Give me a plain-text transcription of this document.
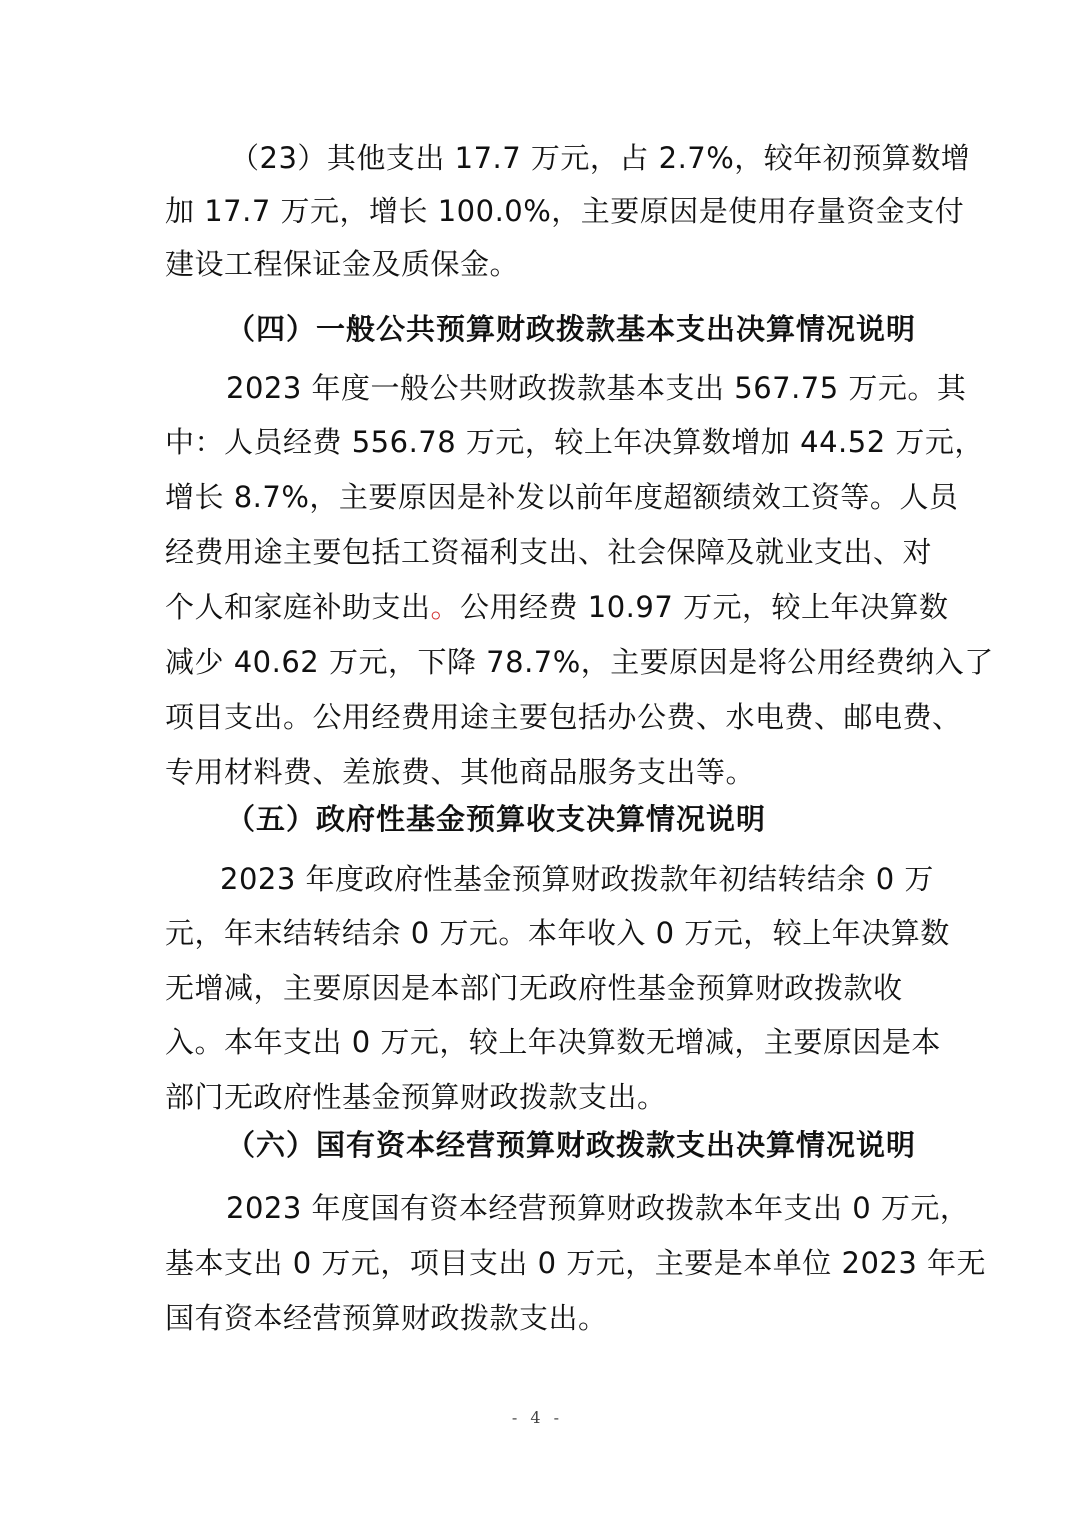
（23）其他支出 17.7 万元，占 2.7%，较年初预算数增
加 17.7 万元，增长 100.0%，主要原因是使用存量资金支付
建设工程保证金及质保金。
（四）一般公共预算财政拨款基本支出决算情况说明
2023 年度一般公共财政拨款基本支出 567.75 万元。其
中：人员经费 556.78 万元，较上年决算数增加 44.52 万元，
增长 8.7%，主要原因是补发以前年度超额绩效工资等。人员
经费用途主要包括工资福利支出、社会保障及就业支出、对
个人和家庭补助支出。公用经费 10.97 万元，较上年决算数
减少 40.62 万元，下降 78.7%，主要原因是将公用经费纳入了
项目支出。公用经费用途主要包括办公费、水电费、邮电费、
专用材料费、差旅费、其他商品服务支出等。
（五）政府性基金预算收支决算情况说明
2023 年度政府性基金预算财政拨款年初结转结余 0 万
元，年末结转结余 0 万元。本年收入 0 万元，较上年决算数
无增减，主要原因是本部门无政府性基金预算财政拨款收
入。本年支出 0 万元，较上年决算数无增减，主要原因是本
部门无政府性基金预算财政拨款支出。
（六）国有资本经营预算财政拨款支出决算情况说明
2023 年度国有资本经营预算财政拨款本年支出 0 万元，
基本支出 0 万元，项目支出 0 万元，主要是本单位 2023 年无
国有资本经营预算财政拨款支出。
- 4 -
